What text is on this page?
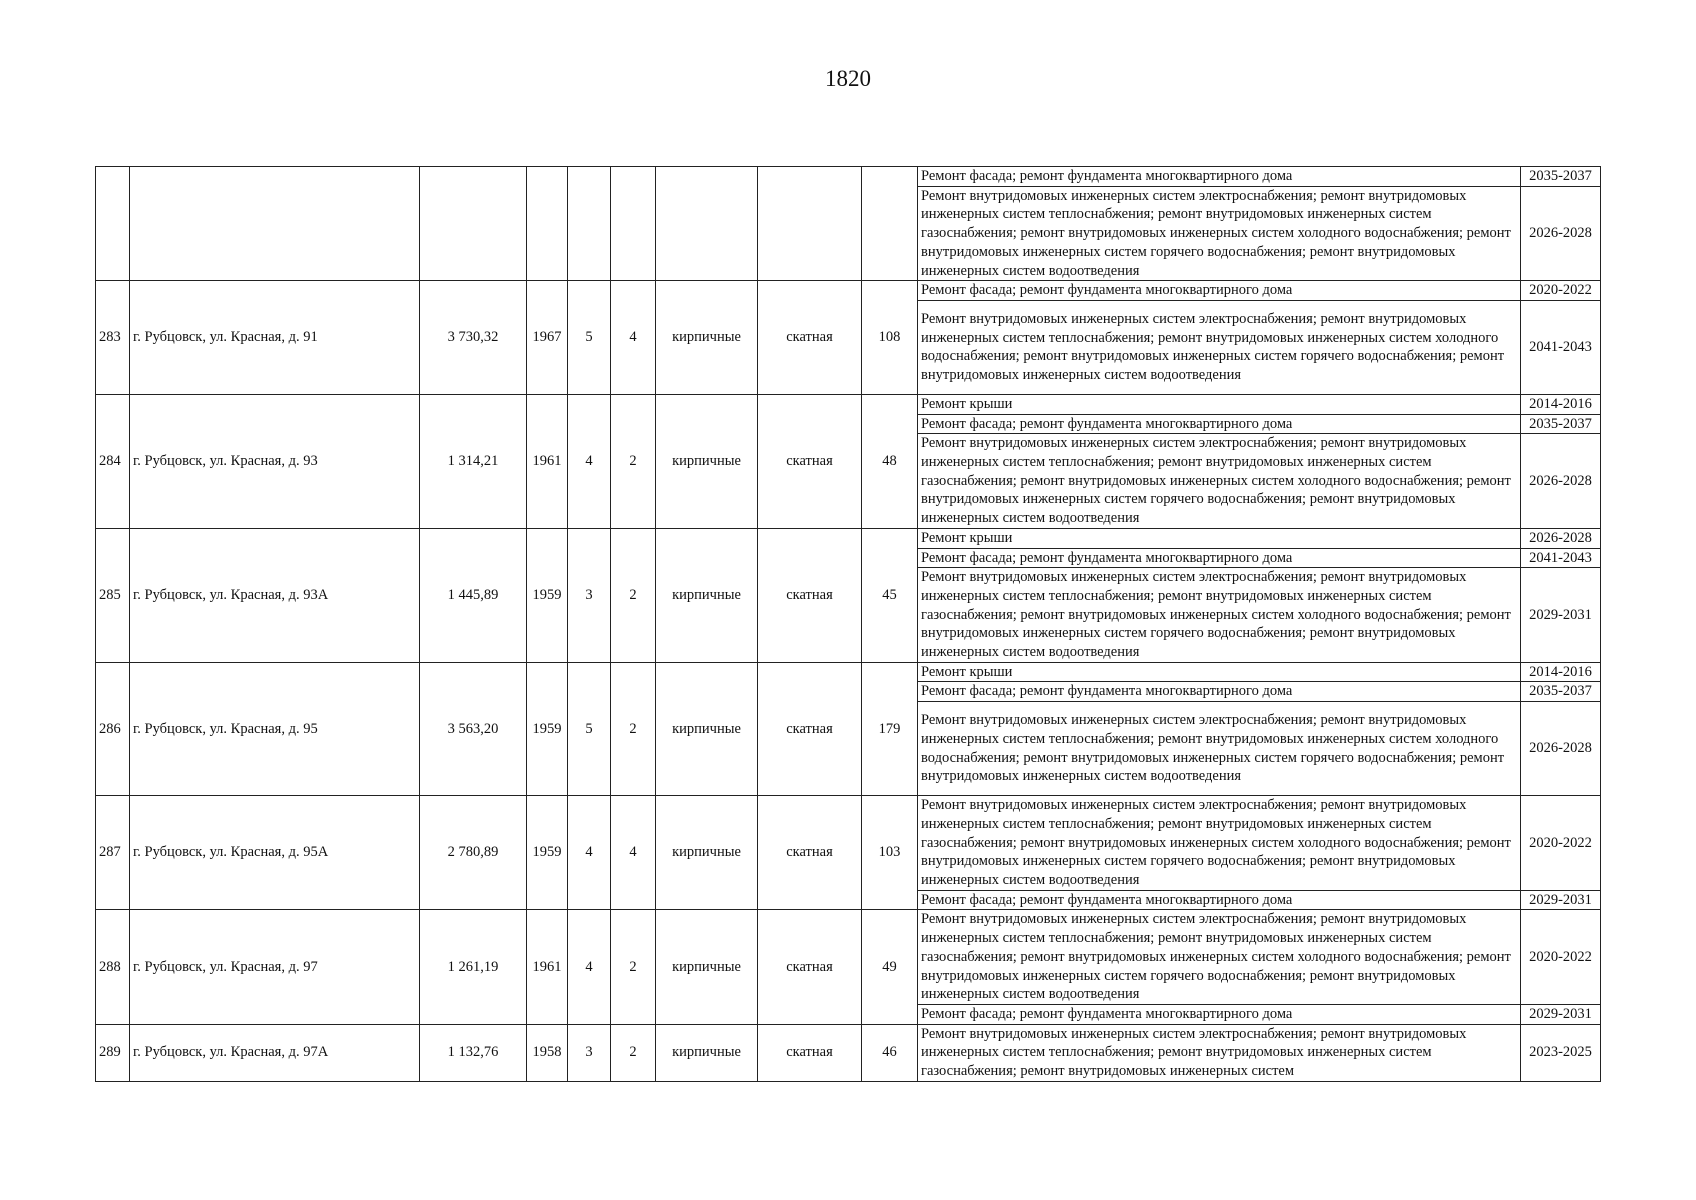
1820
									Ремонт фасада; ремонт фундамента многоквартирного дома	2035-2037
									Ремонт внутридомовых инженерных систем электроснабжения; ремонт внутридомовых инженерных систем теплоснабжения; ремонт внутридомовых инженерных систем газоснабжения; ремонт внутридомовых инженерных систем холодного водоснабжения; ремонт внутридомовых инженерных систем горячего водоснабжения; ремонт внутридомовых инженерных систем водоотведения	2026-2028
283	г. Рубцовск, ул. Красная, д. 91	3 730,32	1967	5	4	кирпичные	скатная	108	Ремонт фасада; ремонт фундамента многоквартирного дома	2020-2022
									Ремонт внутридомовых инженерных систем электроснабжения; ремонт внутридомовых инженерных систем теплоснабжения; ремонт внутридомовых инженерных систем холодного водоснабжения; ремонт внутридомовых инженерных систем горячего водоснабжения; ремонт внутридомовых инженерных систем водоотведения	2041-2043
284	г. Рубцовск, ул. Красная, д. 93	1 314,21	1961	4	2	кирпичные	скатная	48	Ремонт крыши	2014-2016
									Ремонт фасада; ремонт фундамента многоквартирного дома	2035-2037
									Ремонт внутридомовых инженерных систем электроснабжения; ремонт внутридомовых инженерных систем теплоснабжения; ремонт внутридомовых инженерных систем газоснабжения; ремонт внутридомовых инженерных систем холодного водоснабжения; ремонт внутридомовых инженерных систем горячего водоснабжения; ремонт внутридомовых инженерных систем водоотведения	2026-2028
285	г. Рубцовск, ул. Красная, д. 93А	1 445,89	1959	3	2	кирпичные	скатная	45	Ремонт крыши	2026-2028
									Ремонт фасада; ремонт фундамента многоквартирного дома	2041-2043
									Ремонт внутридомовых инженерных систем электроснабжения; ремонт внутридомовых инженерных систем теплоснабжения; ремонт внутридомовых инженерных систем газоснабжения; ремонт внутридомовых инженерных систем холодного водоснабжения; ремонт внутридомовых инженерных систем горячего водоснабжения; ремонт внутридомовых инженерных систем водоотведения	2029-2031
286	г. Рубцовск, ул. Красная, д. 95	3 563,20	1959	5	2	кирпичные	скатная	179	Ремонт крыши	2014-2016
									Ремонт фасада; ремонт фундамента многоквартирного дома	2035-2037
									Ремонт внутридомовых инженерных систем электроснабжения; ремонт внутридомовых инженерных систем теплоснабжения; ремонт внутридомовых инженерных систем холодного водоснабжения; ремонт внутридомовых инженерных систем горячего водоснабжения; ремонт внутридомовых инженерных систем водоотведения	2026-2028
287	г. Рубцовск, ул. Красная, д. 95А	2 780,89	1959	4	4	кирпичные	скатная	103	Ремонт внутридомовых инженерных систем электроснабжения; ремонт внутридомовых инженерных систем теплоснабжения; ремонт внутридомовых инженерных систем газоснабжения; ремонт внутридомовых инженерных систем холодного водоснабжения; ремонт внутридомовых инженерных систем горячего водоснабжения; ремонт внутридомовых инженерных систем водоотведения	2020-2022
									Ремонт фасада; ремонт фундамента многоквартирного дома	2029-2031
288	г. Рубцовск, ул. Красная, д. 97	1 261,19	1961	4	2	кирпичные	скатная	49	Ремонт внутридомовых инженерных систем электроснабжения; ремонт внутридомовых инженерных систем теплоснабжения; ремонт внутридомовых инженерных систем газоснабжения; ремонт внутридомовых инженерных систем холодного водоснабжения; ремонт внутридомовых инженерных систем горячего водоснабжения; ремонт внутридомовых инженерных систем водоотведения	2020-2022
									Ремонт фасада; ремонт фундамента многоквартирного дома	2029-2031
289	г. Рубцовск, ул. Красная, д. 97А	1 132,76	1958	3	2	кирпичные	скатная	46	Ремонт внутридомовых инженерных систем электроснабжения; ремонт внутридомовых инженерных систем теплоснабжения; ремонт внутридомовых инженерных систем газоснабжения; ремонт внутридомовых инженерных систем	2023-2025
